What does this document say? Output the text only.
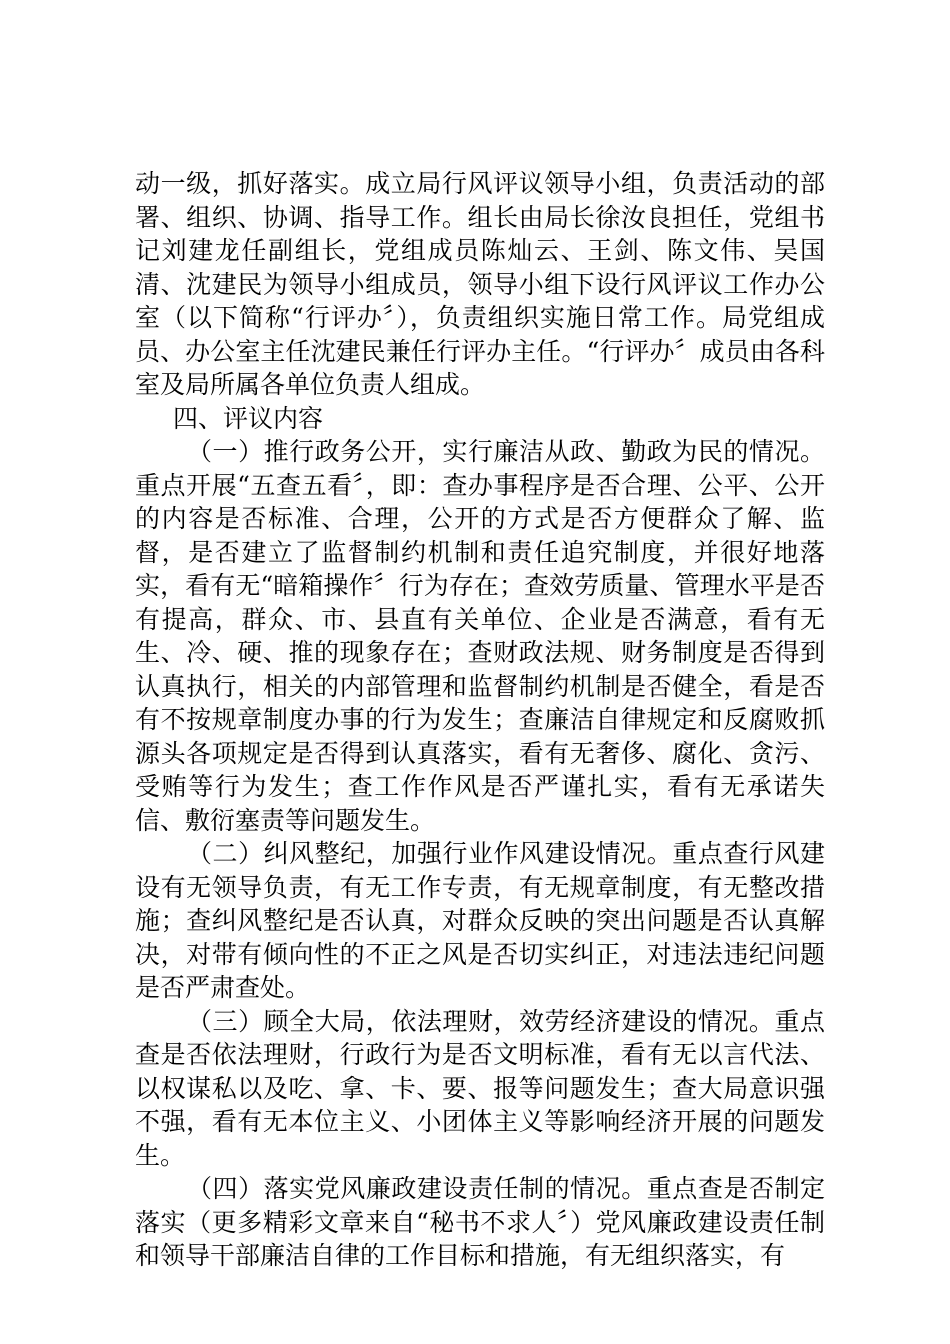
动一级，抓好落实。成立局行风评议领导小组，负责活动的部署、组织、协调、指导工作。组长由局长徐汝良担任，党组书记刘建龙任副组长，党组成员陈灿云、王剑、陈文伟、吴国清、沈建民为领导小组成员，领导小组下设行风评议工作办公室（以下简称“行评办〞），负责组织实施日常工作。局党组成员、办公室主任沈建民兼任行评办主任。“行评办〞成员由各科室及局所属各单位负责人组成。

四、评议内容

（一）推行政务公开，实行廉洁从政、勤政为民的情况。重点开展“五查五看〞，即：查办事程序是否合理、公平、公开的内容是否标准、合理，公开的方式是否方便群众了解、监督，是否建立了监督制约机制和责任追究制度，并很好地落实，看有无“暗箱操作〞行为存在；查效劳质量、管理水平是否有提高，群众、市、县直有关单位、企业是否满意，看有无生、冷、硬、推的现象存在；查财政法规、财务制度是否得到认真执行，相关的内部管理和监督制约机制是否健全，看是否有不按规章制度办事的行为发生；查廉洁自律规定和反腐败抓源头各项规定是否得到认真落实，看有无奢侈、腐化、贪污、受贿等行为发生；查工作作风是否严谨扎实，看有无承诺失信、敷衍塞责等问题发生。

（二）纠风整纪，加强行业作风建设情况。重点查行风建设有无领导负责，有无工作专责，有无规章制度，有无整改措施；查纠风整纪是否认真，对群众反映的突出问题是否认真解决，对带有倾向性的不正之风是否切实纠正，对违法违纪问题是否严肃查处。

（三）顾全大局，依法理财，效劳经济建设的情况。重点查是否依法理财，行政行为是否文明标准，看有无以言代法、以权谋私以及吃、拿、卡、要、报等问题发生；查大局意识强不强，看有无本位主义、小团体主义等影响经济开展的问题发生。

（四）落实党风廉政建设责任制的情况。重点查是否制定落实（更多精彩文章来自“秘书不求人〞）党风廉政建设责任制和领导干部廉洁自律的工作目标和措施，有无组织落实，有
